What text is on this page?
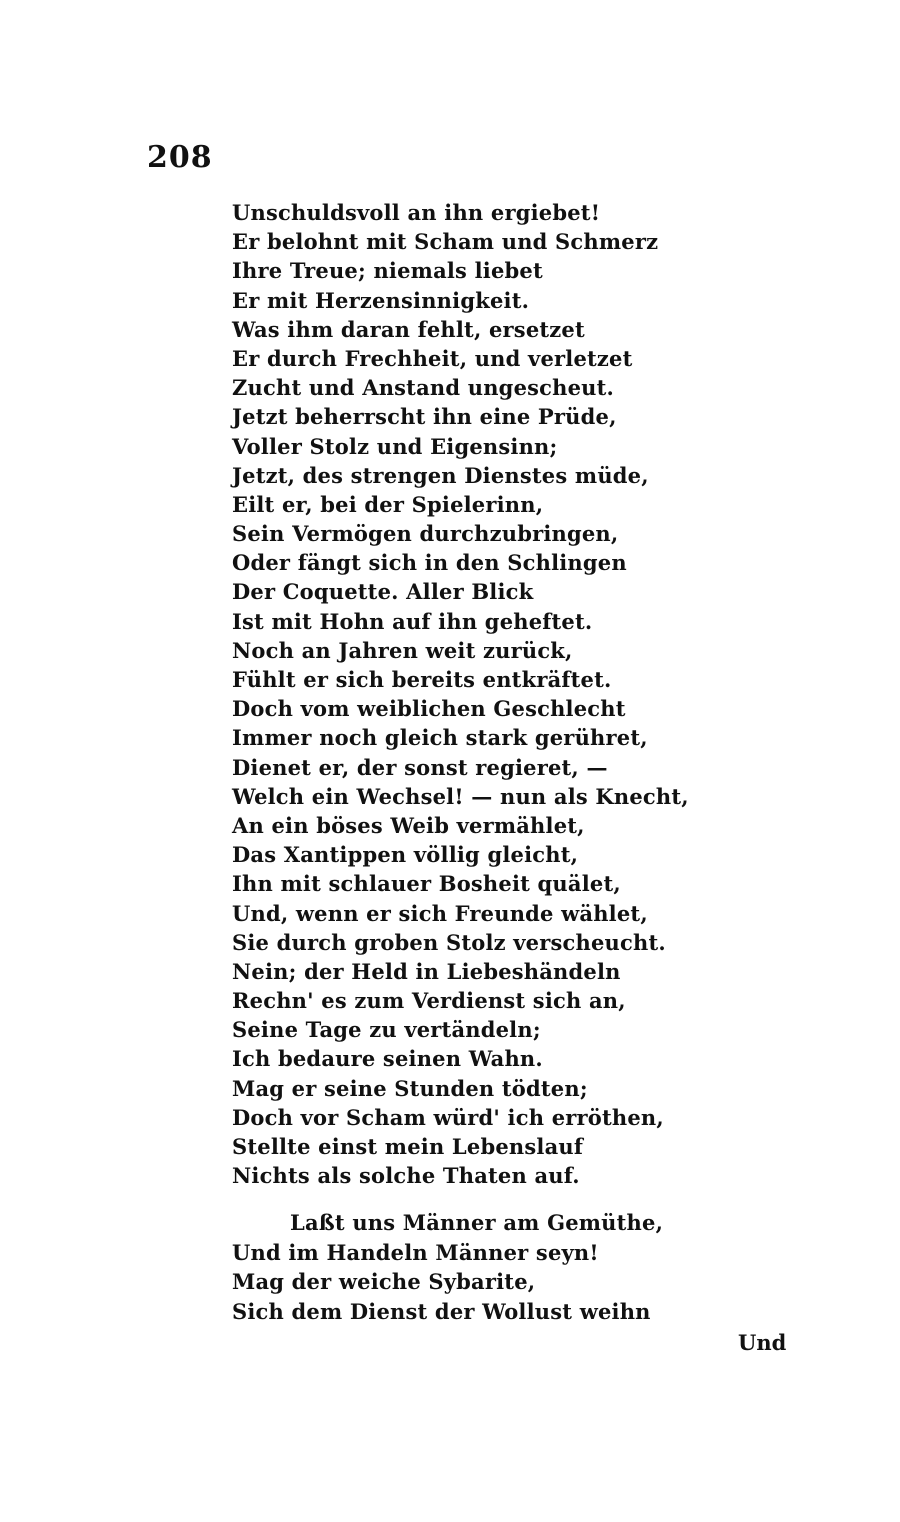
208
Unschuldsvoll an ihn ergiebet!
Er belohnt mit Scham und Schmerz
Ihre Treue; niemals liebet
Er mit Herzensinnigkeit.
Was ihm daran fehlt, ersetzet
Er durch Frechheit, und verletzet
Zucht und Anstand ungescheut.
Jetzt beherrscht ihn eine Prüde,
Voller Stolz und Eigensinn;
Jetzt, des strengen Dienstes müde,
Eilt er, bei der Spielerinn,
Sein Vermögen durchzubringen,
Oder fängt sich in den Schlingen
Der Coquette. Aller Blick
Ist mit Hohn auf ihn geheftet.
Noch an Jahren weit zurück,
Fühlt er sich bereits entkräftet.
Doch vom weiblichen Geschlecht
Immer noch gleich stark gerühret,
Dienet er, der sonst regieret, —
Welch ein Wechsel! — nun als Knecht,
An ein böses Weib vermählet,
Das Xantippen völlig gleicht,
Ihn mit schlauer Bosheit quälet,
Und, wenn er sich Freunde wählet,
Sie durch groben Stolz verscheucht.
Nein; der Held in Liebeshändeln
Rechn' es zum Verdienst sich an,
Seine Tage zu vertändeln;
Ich bedaure seinen Wahn.
Mag er seine Stunden tödten;
Doch vor Scham würd' ich erröthen,
Stellte einst mein Lebenslauf
Nichts als solche Thaten auf.
Laßt uns Männer am Gemüthe,
Und im Handeln Männer seyn!
Mag der weiche Sybarite,
Sich dem Dienst der Wollust weihn
Und
